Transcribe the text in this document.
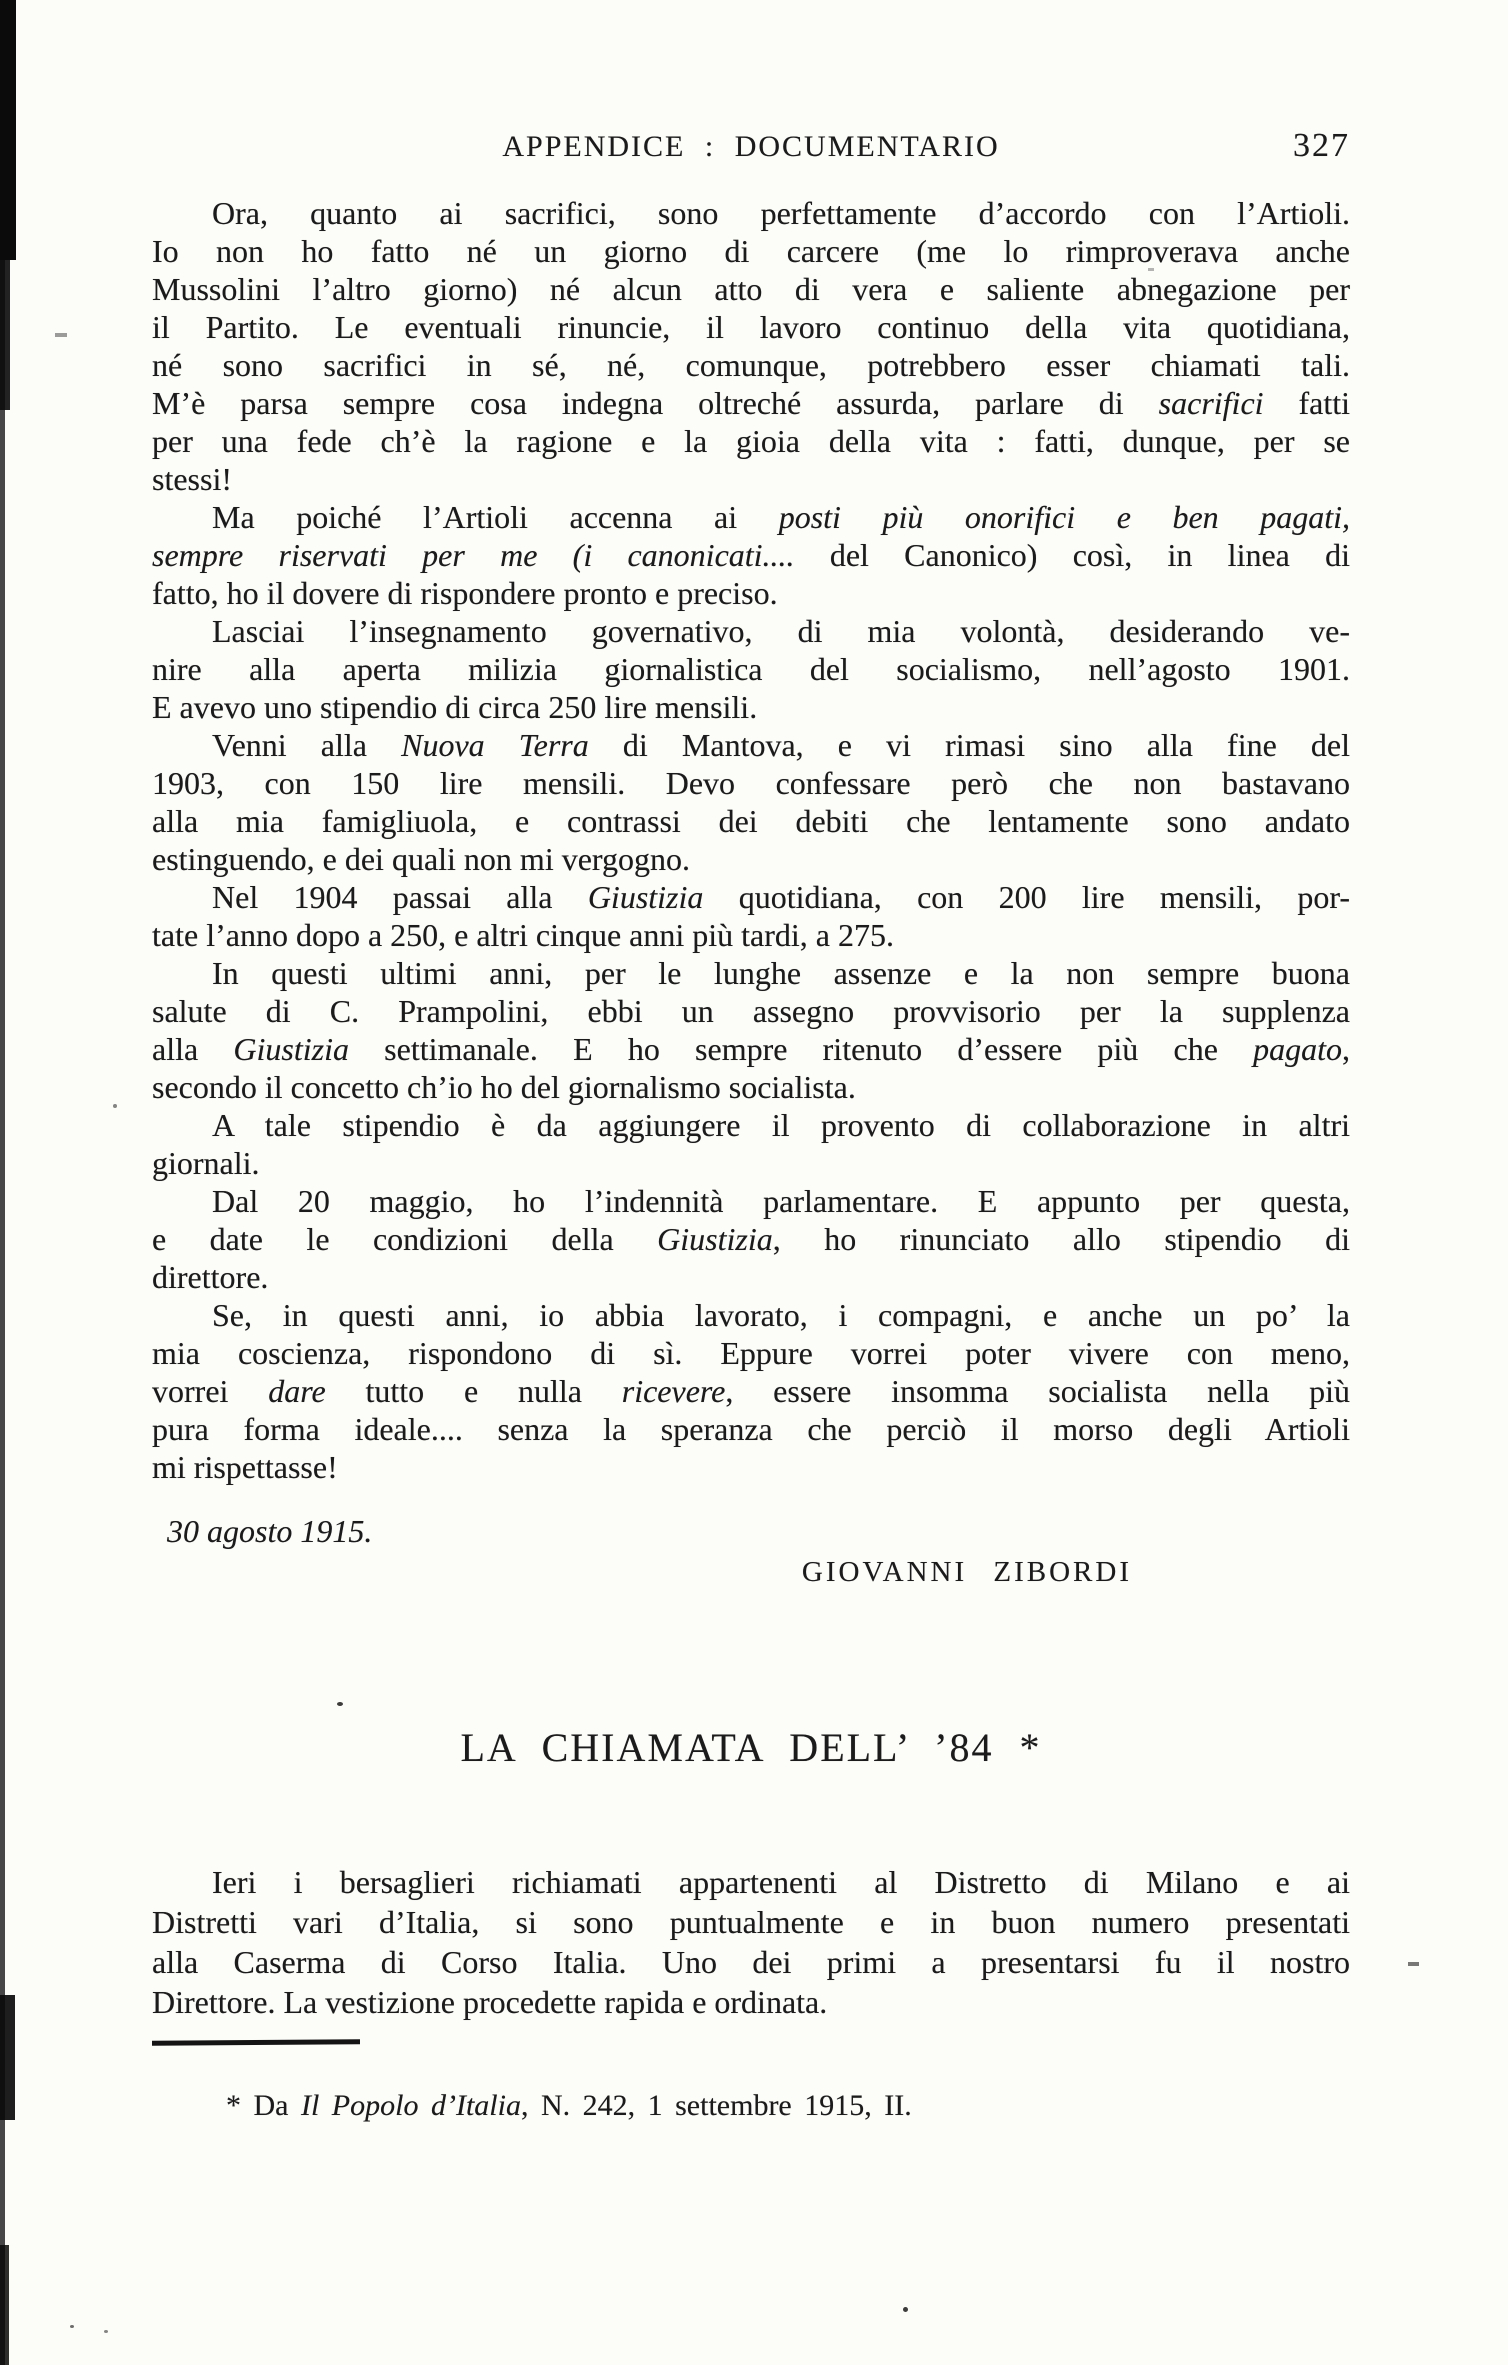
APPENDICE : DOCUMENTARIO	327
Ora, quanto ai sacrifici, sono perfettamente d’accordo con l’Artioli.
Io non ho fatto né un giorno di carcere (me lo rimproverava anche
Mussolini l’altro giorno) né alcun atto di vera e saliente abnegazione per
il Partito. Le eventuali rinuncie, il lavoro continuo della vita quotidiana,
né sono sacrifici in sé, né, comunque, potrebbero esser chiamati tali.
M’è parsa sempre cosa indegna oltreché assurda, parlare di sacrifici fatti
per una fede ch’è la ragione e la gioia della vita : fatti, dunque, per se
stessi!
Ma poiché l’Artioli accenna ai posti più onorifici e ben pagati,
sempre riservati per me (i canonicati.... del Canonico) così, in linea di
fatto, ho il dovere di rispondere pronto e preciso.
Lasciai l’insegnamento governativo, di mia volontà, desiderando ve-
nire alla aperta milizia giornalistica del socialismo, nell’agosto 1901.
E avevo uno stipendio di circa 250 lire mensili.
Venni alla Nuova Terra di Mantova, e vi rimasi sino alla fine del
1903, con 150 lire mensili. Devo confessare però che non bastavano
alla mia famigliuola, e contrassi dei debiti che lentamente sono andato
estinguendo, e dei quali non mi vergogno.
Nel 1904 passai alla Giustizia quotidiana, con 200 lire mensili, por-
tate l’anno dopo a 250, e altri cinque anni più tardi, a 275.
In questi ultimi anni, per le lunghe assenze e la non sempre buona
salute di C. Prampolini, ebbi un assegno provvisorio per la supplenza
alla Giustizia settimanale. E ho sempre ritenuto d’essere più che pagato,
secondo il concetto ch’io ho del giornalismo socialista.
A tale stipendio è da aggiungere il provento di collaborazione in altri
giornali.
Dal 20 maggio, ho l’indennità parlamentare. E appunto per questa,
e date le condizioni della Giustizia, ho rinunciato allo stipendio di
direttore.
Se, in questi anni, io abbia lavorato, i compagni, e anche un po’ la
mia coscienza, rispondono di sì. Eppure vorrei poter vivere con meno,
vorrei dare tutto e nulla ricevere, essere insomma socialista nella più
pura forma ideale.... senza la speranza che perciò il morso degli Artioli
mi rispettasse!
30 agosto 1915.
GIOVANNI ZIBORDI
LA CHIAMATA DELL’ ’84 *
Ieri i bersaglieri richiamati appartenenti al Distretto di Milano e ai
Distretti vari d’Italia, si sono puntualmente e in buon numero presentati
alla Caserma di Corso Italia. Uno dei primi a presentarsi fu il nostro
Direttore. La vestizione procedette rapida e ordinata.
* Da Il Popolo d’Italia, N. 242, 1 settembre 1915, II.
